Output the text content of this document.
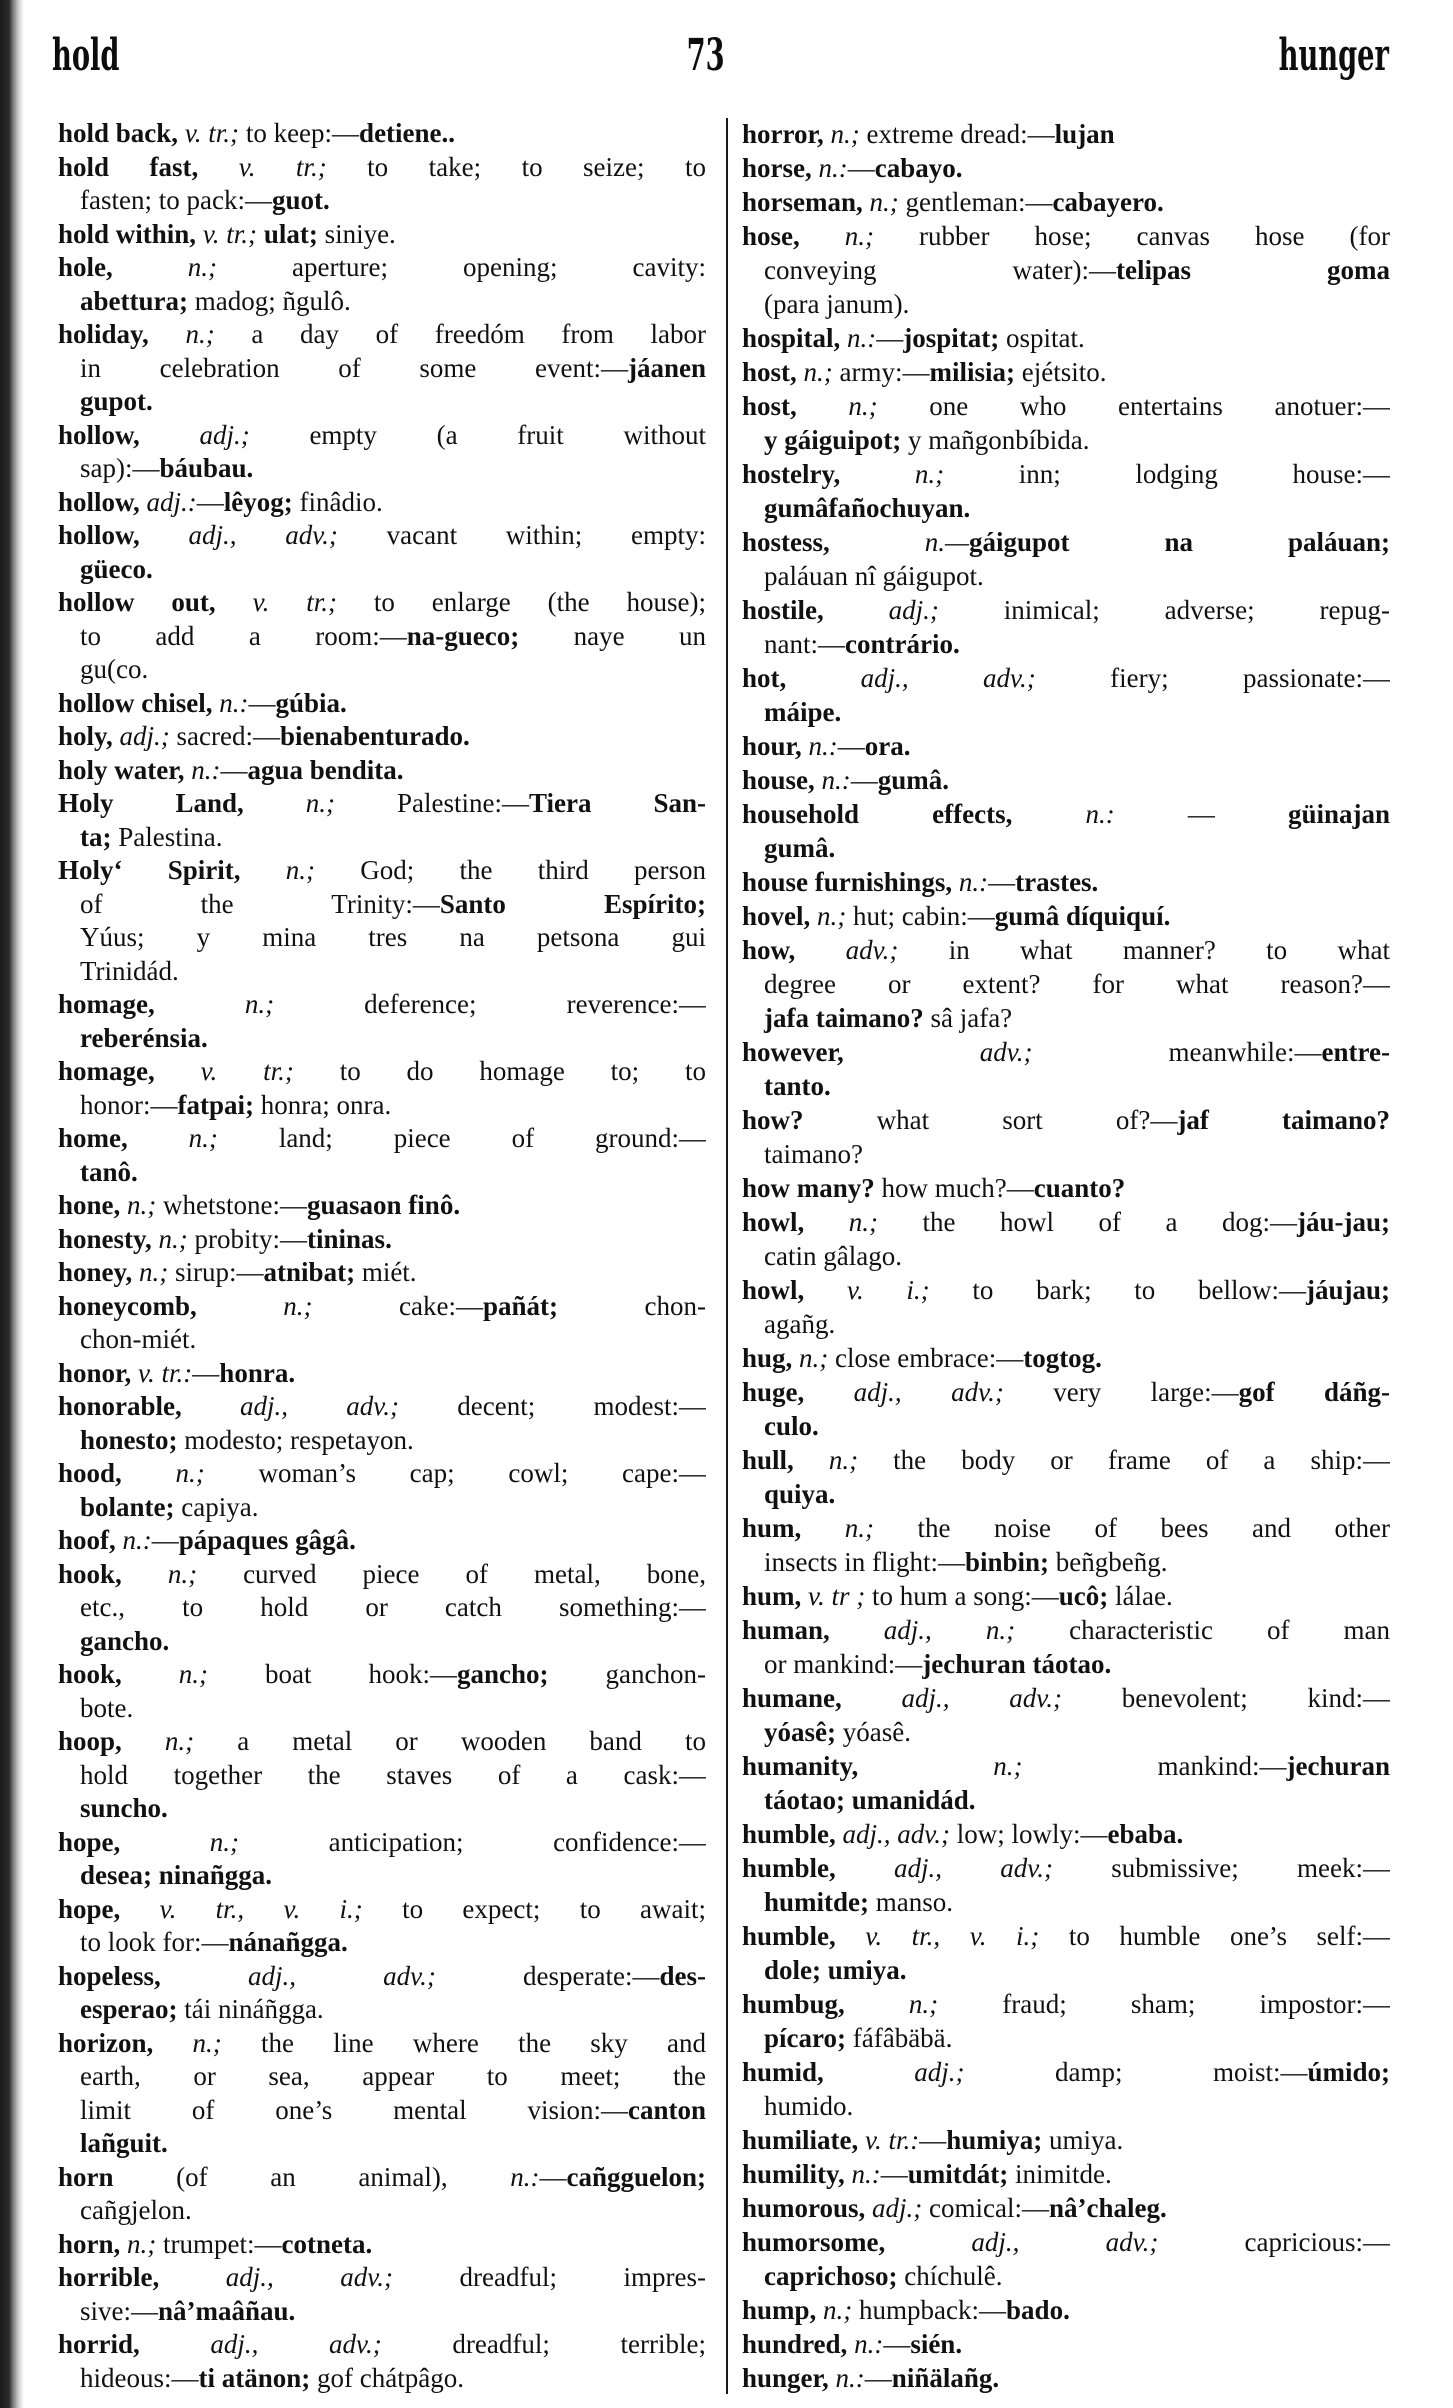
hold	73	hunger
hold back, v. tr.; to keep:—detiene..
hold fast, v. tr.; to take; to seize; to
fasten; to pack:—guot.
hold within, v. tr.; ulat; siniye.
hole, n.; aperture; opening; cavity:
abettura; madog; ñgulô.
holiday, n.; a day of freedóm from labor
in celebration of some event:—jáanen
gupot.
hollow, adj.; empty (a fruit without
sap):—báubau.
hollow, adj.:—lêyog; finâdio.
hollow, adj., adv.; vacant within; empty:
güeco.
hollow out, v. tr.; to enlarge (the house);
to add a room:—na-gueco; naye un
gu(co.
hollow chisel, n.:—gúbia.
holy, adj.; sacred:—bienabenturado.
holy water, n.:—agua bendita.
Holy Land, n.; Palestine:—Tiera San-
ta; Palestina.
Holy‘ Spirit, n.; God; the third person
of the Trinity:—Santo Espírito;
Yúus; y mina tres na petsona gui
Trinidád.
homage, n.; deference; reverence:—
reberénsia.
homage, v. tr.; to do homage to; to
honor:—fatpai; honra; onra.
home, n.; land; piece of ground:—
tanô.
hone, n.; whetstone:—guasaon finô.
honesty, n.; probity:—tininas.
honey, n.; sirup:—atnibat; miét.
honeycomb, n.; cake:—pañát; chon-
chon-miét.
honor, v. tr.:—honra.
honorable, adj., adv.; decent; modest:—
honesto; modesto; respetayon.
hood, n.; woman’s cap; cowl; cape:—
bolante; capiya.
hoof, n.:—pápaques gâgâ.
hook, n.; curved piece of metal, bone,
etc., to hold or catch something:—
gancho.
hook, n.; boat hook:—gancho; ganchon-
bote.
hoop, n.; a metal or wooden band to
hold together the staves of a cask:—
suncho.
hope, n.; anticipation; confidence:—
desea; ninañgga.
hope, v. tr., v. i.; to expect; to await;
to look for:—nánañgga.
hopeless, adj., adv.; desperate:—des-
esperao; tái nináñgga.
horizon, n.; the line where the sky and
earth, or sea, appear to meet; the
limit of one’s mental vision:—canton
lañguit.
horn (of an animal), n.:—cañgguelon;
cañgjelon.
horn, n.; trumpet:—cotneta.
horrible, adj., adv.; dreadful; impres-
sive:—nâ’maâñau.
horrid, adj., adv.; dreadful; terrible;
hideous:—ti atänon; gof chátpâgo.
horror, n.; extreme dread:—lujan
horse, n.:—cabayo.
horseman, n.; gentleman:—cabayero.
hose, n.; rubber hose; canvas hose (for
conveying water):—telipas goma
(para janum).
hospital, n.:—jospitat; ospitat.
host, n.; army:—milisia; ejétsito.
host, n.; one who entertains anotuer:—
y gáiguipot; y mañgonbíbida.
hostelry, n.; inn; lodging house:—
gumâfañochuyan.
hostess, n.—gáigupot na paláuan;
paláuan nî gáigupot.
hostile, adj.; inimical; adverse; repug-
nant:—contrário.
hot, adj., adv.; fiery; passionate:—
máipe.
hour, n.:—ora.
house, n.:—gumâ.
household effects, n.: — güinajan
gumâ.
house furnishings, n.:—trastes.
hovel, n.; hut; cabin:—gumâ díquiquí.
how, adv.; in what manner? to what
degree or extent? for what reason?—
jafa taimano? sâ jafa?
however, adv.; meanwhile:—entre-
tanto.
how? what sort of?—jaf taimano?
taimano?
how many? how much?—cuanto?
howl, n.; the howl of a dog:—jáu-jau;
catin gâlago.
howl, v. i.; to bark; to bellow:—jáujau;
agañg.
hug, n.; close embrace:—togtog.
huge, adj., adv.; very large:—gof dáñg-
culo.
hull, n.; the body or frame of a ship:—
quiya.
hum, n.; the noise of bees and other
insects in flight:—binbin; beñgbeñg.
hum, v. tr ; to hum a song:—ucô; lálae.
human, adj., n.; characteristic of man
or mankind:—jechuran táotao.
humane, adj., adv.; benevolent; kind:—
yóasê; yóasê.
humanity, n.; mankind:—jechuran
táotao; umanidád.
humble, adj., adv.; low; lowly:—ebaba.
humble, adj., adv.; submissive; meek:—
humitde; manso.
humble, v. tr., v. i.; to humble one’s self:—
dole; umiya.
humbug, n.; fraud; sham; impostor:—
pícaro; fáfâbäbä.
humid, adj.; damp; moist:—úmido;
humido.
humiliate, v. tr.:—humiya; umiya.
humility, n.:—umitdát; inimitde.
humorous, adj.; comical:—nâ’chaleg.
humorsome, adj., adv.; capricious:—
caprichoso; chíchulê.
hump, n.; humpback:—bado.
hundred, n.:—sién.
hunger, n.:—niñälañg.
